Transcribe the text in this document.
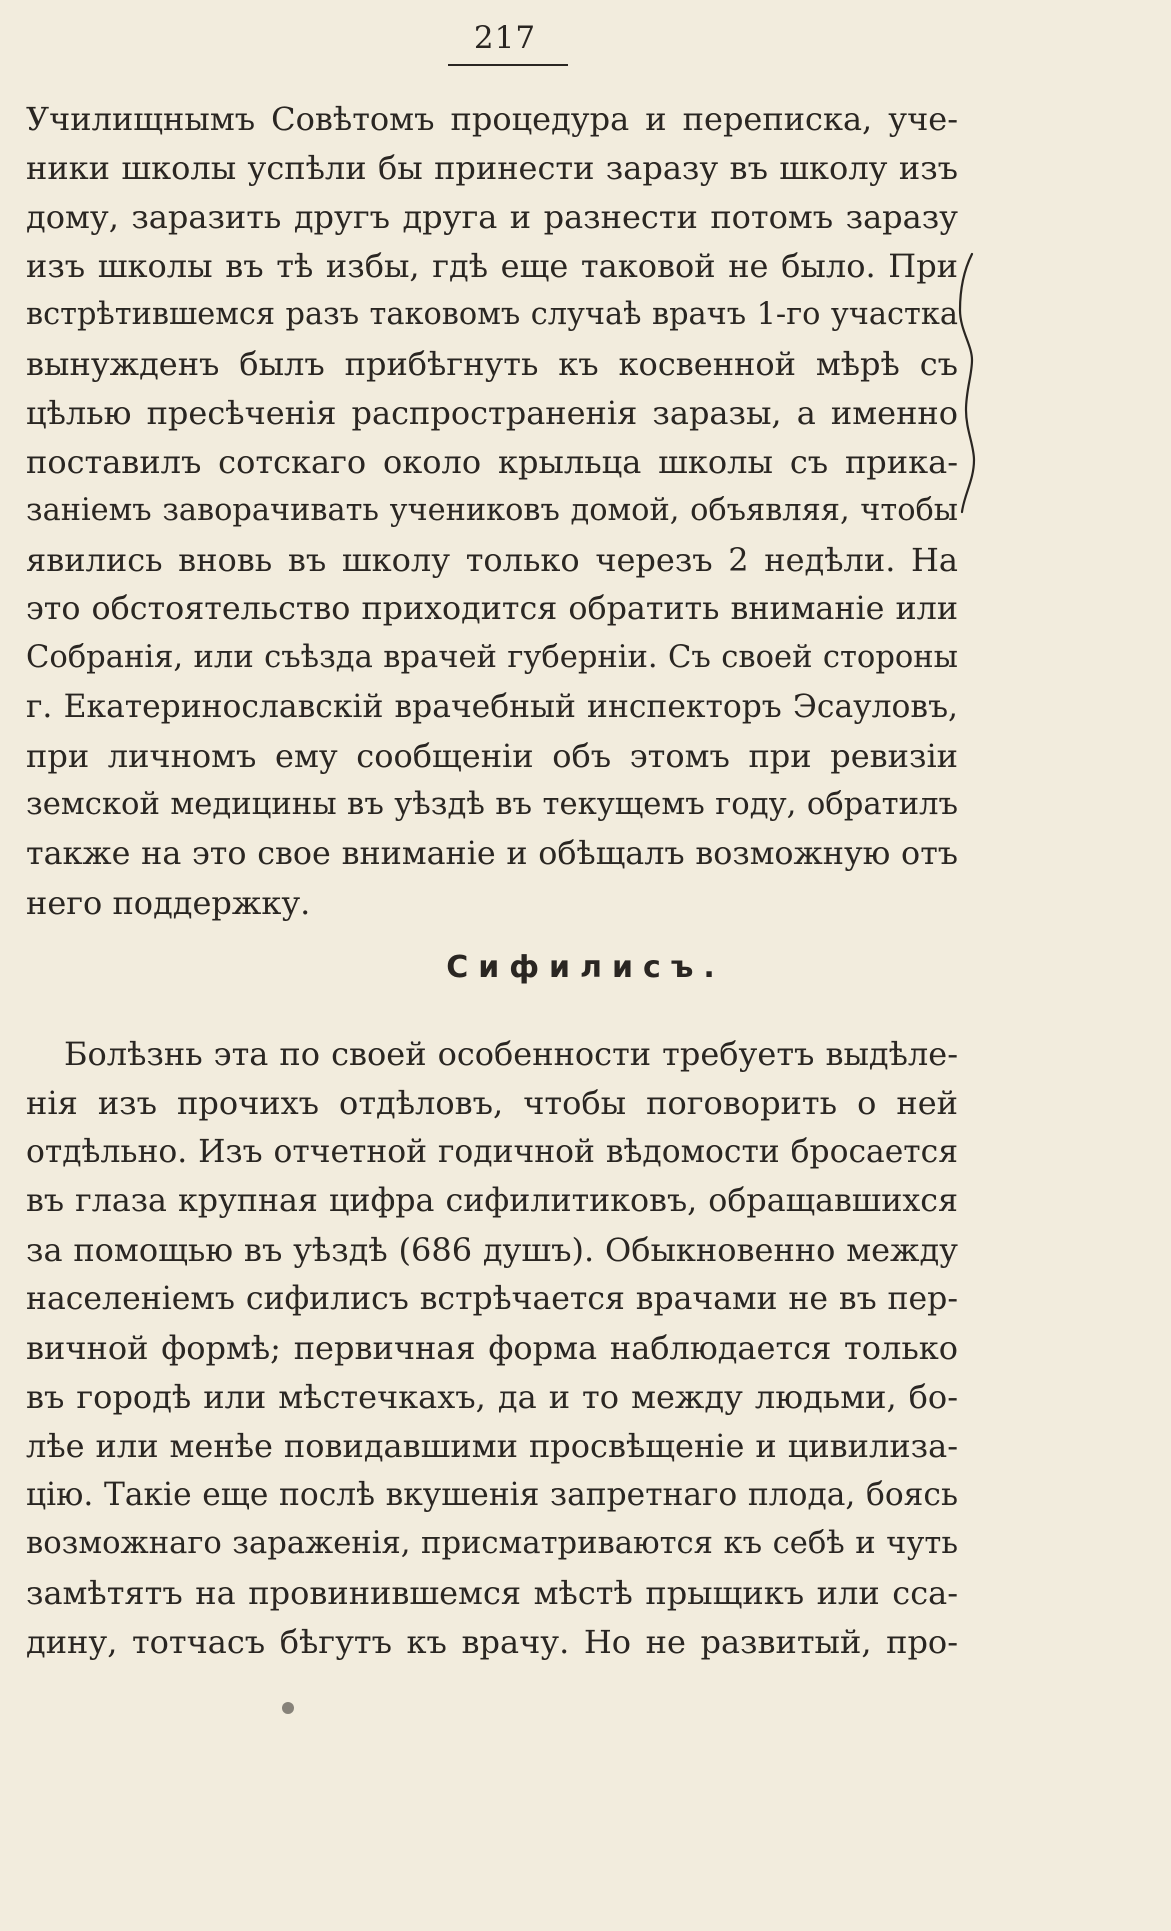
217
Училищнымъ Совѣтомъ процедура и переписка, уче-
ники школы успѣли бы принести заразу въ школу изъ
дому, заразить другъ друга и разнести потомъ заразу
изъ школы въ тѣ избы, гдѣ еще таковой не было. При
встрѣтившемся разъ таковомъ случаѣ врачъ 1-го участка
вынужденъ былъ прибѣгнуть къ косвенной мѣрѣ съ
цѣлью пресѣченія распространенія заразы, а именно
поставилъ сотскаго около крыльца школы съ прика-
заніемъ заворачивать учениковъ домой, объявляя, чтобы
явились вновь въ школу только черезъ 2 недѣли. На
это обстоятельство приходится обратить вниманіе или
Собранія, или съѣзда врачей губерніи. Съ своей стороны
г. Екатеринославскій врачебный инспекторъ Эсауловъ,
при личномъ ему сообщеніи объ этомъ при ревизіи
земской медицины въ уѣздѣ въ текущемъ году, обратилъ
также на это свое вниманіе и обѣщалъ возможную отъ
него поддержку.
Сифилисъ.
Болѣзнь эта по своей особенности требуетъ выдѣле-
нія изъ прочихъ отдѣловъ, чтобы поговорить о ней
отдѣльно. Изъ отчетной годичной вѣдомости бросается
въ глаза крупная цифра сифилитиковъ, обращавшихся
за помощью въ уѣздѣ (686 душъ). Обыкновенно между
населеніемъ сифилисъ встрѣчается врачами не въ пер-
вичной формѣ; первичная форма наблюдается только
въ городѣ или мѣстечкахъ, да и то между людьми, бо-
лѣе или менѣе повидавшими просвѣщеніе и цивилиза-
цію. Такіе еще послѣ вкушенія запретнаго плода, боясь
возможнаго зараженія, присматриваются къ себѣ и чуть
замѣтятъ на провинившемся мѣстѣ прыщикъ или сса-
дину, тотчасъ бѣгутъ къ врачу. Но не развитый, про-
